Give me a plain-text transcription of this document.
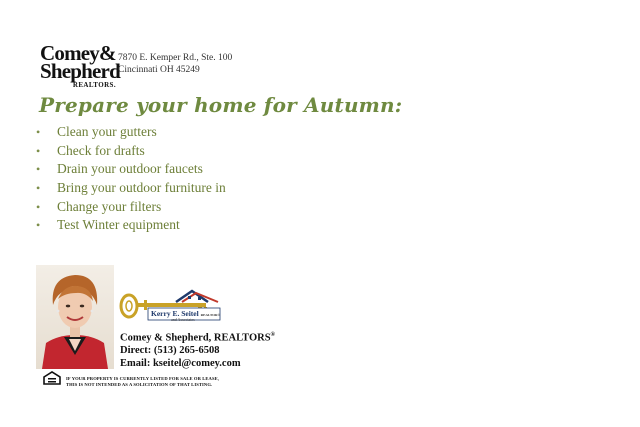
Comey&
Shepherd
REALTORS.
7870 E. Kemper Rd., Ste. 100
Cincinnati OH 45249
Prepare your home for Autumn:
• Clean your gutters
• Check for drafts
• Drain your outdoor faucets
• Bring your outdoor furniture in
• Change your filters
• Test Winter equipment
Kerry E. Seitel REALTOR®
and Associates
Comey & Shepherd, REALTORS®
Direct: (513) 265-6508
Email: kseitel@comey.com
IF YOUR PROPERTY IS CURRENTLY LISTED FOR SALE OR LEASE,
THIS IS NOT INTENDED AS A SOLICITATION OF THAT LISTING.
